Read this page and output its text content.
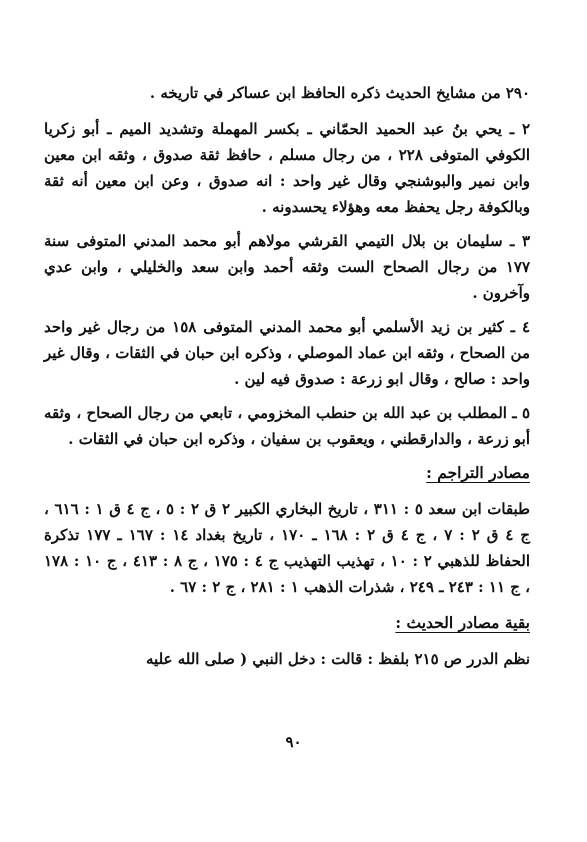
٢٩٠ من مشايخ الحديث ذكره الحافظ ابن عساكر في تاريخه .

٢ ـ يحي بنُ عبد الحميد الحمّاني ـ بكسر المهملة وتشديد الميم ـ أبو زكريا الكوفي المتوفى ٢٢٨ ، من رجال مسلم ، حافظ ثقة صدوق ، وثقه ابن معين وابن نمير والبوشنجي وقال غير واحد : انه صدوق ، وعن ابن معين أنه ثقة وبالكوفة رجل يحفظ معه وهؤلاء يحسدونه .

٣ ـ سليمان بن بلال التيمي القرشي مولاهم أبو محمد المدني المتوفى سنة ١٧٧ من رجال الصحاح الست وثقه أحمد وابن سعد والخليلي ، وابن عدي وآخرون .

٤ ـ كثير بن زيد الأسلمي أبو محمد المدني المتوفى ١٥٨ من رجال غير واحد من الصحاح ، وثقه ابن عماد الموصلي ، وذكره ابن حبان في الثقات ، وقال غير واحد : صالح ، وقال ابو زرعة : صدوق فيه لين .

٥ ـ المطلب بن عبد الله بن حنطب المخزومي ، تابعي من رجال الصحاح ، وثقه أبو زرعة ، والدارقطني ، ويعقوب بن سفيان ، وذكره ابن حبان في الثقات .

مصادر التراجم :

طبقات ابن سعد ٥ : ٣١١ ، تاريخ البخاري الكبير ٢ ق ٢ : ٥ ، ج ٤ ق ١ : ٦١٦ ، ج ٤ ق ٢ : ٧ ، ج ٤ ق ٢ : ١٦٨ ـ ١٧٠ ، تاريخ بغداد ١٤ : ١٦٧ ـ ١٧٧ تذكرة الحفاظ للذهبي ٢ : ١٠ ، تهذيب التهذيب ج ٤ : ١٧٥ ، ج ٨ : ٤١٣ ، ج ١٠ : ١٧٨ ، ج ١١ : ٢٤٣ ـ ٢٤٩ ، شذرات الذهب ١ : ٢٨١ ، ج ٢ : ٦٧ .

بقية مصادر الحديث :

نظم الدرر ص ٢١٥ بلفظ : قالت : دخل النبي ( صلى الله عليه

٩٠
